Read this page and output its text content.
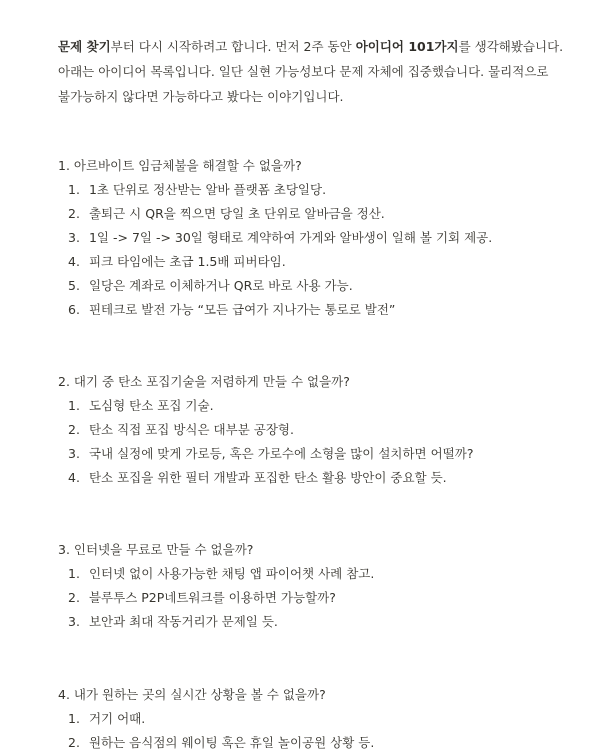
문제 찾기부터 다시 시작하려고 합니다. 먼저 2주 동안 아이디어 101가지를 생각해봤습니다.

아래는 아이디어 목록입니다. 일단 실현 가능성보다 문제 자체에 집중했습니다. 물리적으로

불가능하지 않다면 가능하다고 봤다는 이야기입니다.

1. 아르바이트 임금체불을 해결할 수 없을까?
1. 1초 단위로 정산받는 알바 플랫폼 초당일당.
2. 출퇴근 시 QR을 찍으면 당일 초 단위로 알바금을 정산.
3. 1일 -> 7일 -> 30일 형태로 계약하여 가게와 알바생이 일해 볼 기회 제공.
4. 피크 타임에는 초급 1.5배 피버타임.
5. 일당은 계좌로 이체하거나 QR로 바로 사용 가능.
6. 핀테크로 발전 가능 “모든 급여가 지나가는 통로로 발전”
2. 대기 중 탄소 포집기술을 저렴하게 만들 수 없을까?
1. 도심형 탄소 포집 기술.
2. 탄소 직접 포집 방식은 대부분 공장형.
3. 국내 실정에 맞게 가로등, 혹은 가로수에 소형을 많이 설치하면 어떨까?
4. 탄소 포집을 위한 필터 개발과 포집한 탄소 활용 방안이 중요할 듯.
3. 인터넷을 무료로 만들 수 없을까?
1. 인터넷 없이 사용가능한 채팅 앱 파이어챗 사례 참고.
2. 블루투스 P2P네트워크를 이용하면 가능할까?
3. 보안과 최대 작동거리가 문제일 듯.
4. 내가 원하는 곳의 실시간 상황을 볼 수 없을까?
1. 거기 어때.
2. 원하는 음식점의 웨이팅 혹은 휴일 놀이공원 상황 등.
